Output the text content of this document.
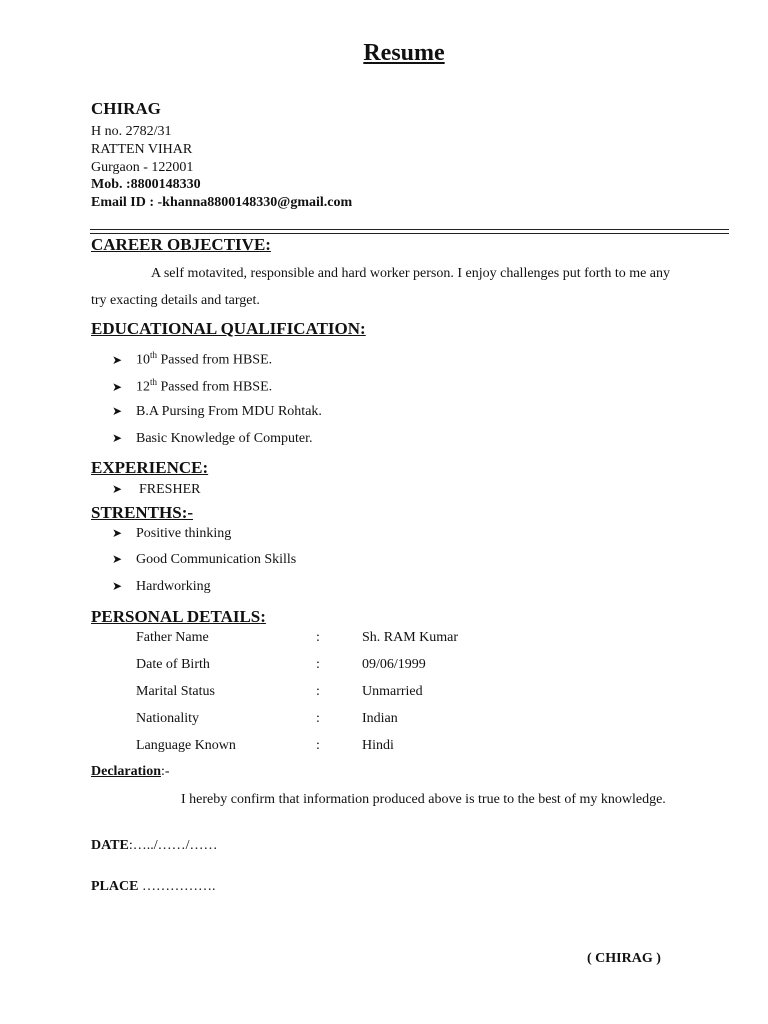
Resume
CHIRAG
H no. 2782/31
RATTEN VIHAR
Gurgaon - 122001
Mob. :8800148330
Email ID : -khanna8800148330@gmail.com
CAREER OBJECTIVE:
A self motavited, responsible and hard worker person. I enjoy challenges put forth to me any
try exacting details and target.
EDUCATIONAL QUALIFICATION:
➤ 10th Passed from HBSE.
➤ 12th Passed from HBSE.
➤ B.A Pursing From MDU Rohtak.
➤ Basic Knowledge of Computer.
EXPERIENCE:
➤ FRESHER
STRENTHS:-
➤ Positive thinking
➤ Good Communication Skills
➤ Hardworking
PERSONAL DETAILS:
Father Name	:	Sh. RAM Kumar
Date of Birth	:	09/06/1999
Marital Status	:	Unmarried
Nationality	:	Indian
Language Known	:	Hindi
Declaration:-
I hereby confirm that information produced above is true to the best of my knowledge.
DATE:…../……/……
PLACE …………….
( CHIRAG )
